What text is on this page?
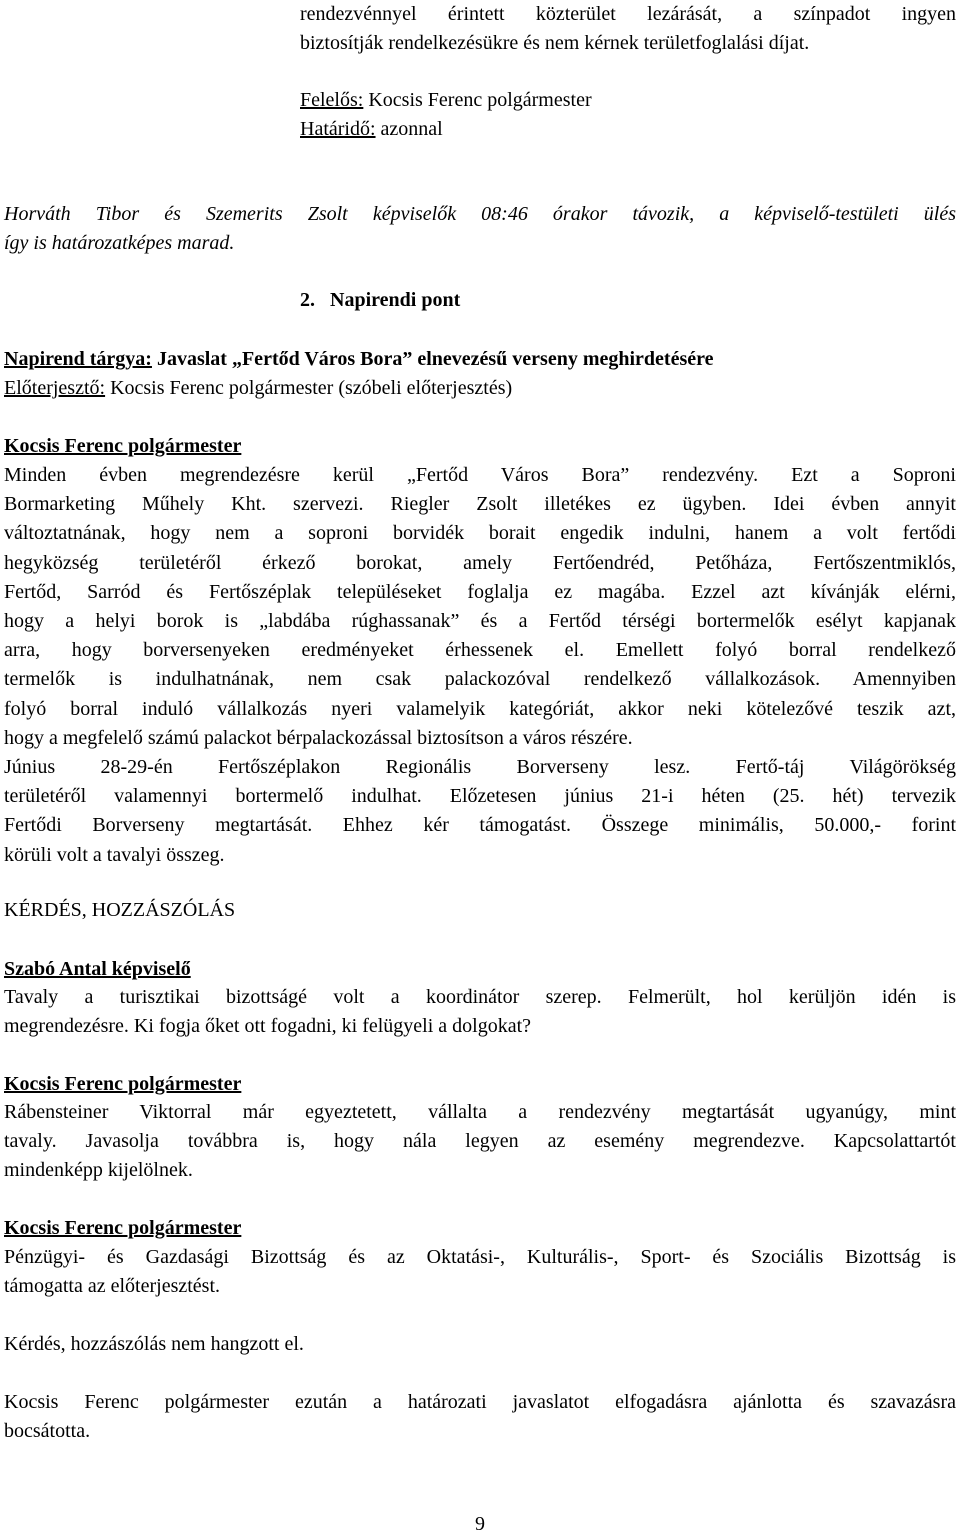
rendezvénnyel érintett közterület lezárását, a színpadot ingyen
biztosítják rendelkezésükre és nem kérnek területfoglalási díjat.
Felelős: Kocsis Ferenc polgármester
Határidő: azonnal
Horváth Tibor és Szemerits Zsolt képviselők 08:46 órakor távozik, a képviselő-testületi ülés
így is határozatképes marad.
2. Napirendi pont
Napirend tárgya: Javaslat „Fertőd Város Bora” elnevezésű verseny meghirdetésére
Előterjesztő: Kocsis Ferenc polgármester (szóbeli előterjesztés)
Kocsis Ferenc polgármester
Minden évben megrendezésre kerül „Fertőd Város Bora” rendezvény. Ezt a Soproni
Bormarketing Műhely Kht. szervezi. Riegler Zsolt illetékes ez ügyben. Idei évben annyit
változtatnának, hogy nem a soproni borvidék borait engedik indulni, hanem a volt fertődi
hegyközség területéről érkező borokat, amely Fertőendréd, Petőháza, Fertőszentmiklós,
Fertőd, Sarród és Fertőszéplak településeket foglalja ez magába. Ezzel azt kívánják elérni,
hogy a helyi borok is „labdába rúghassanak” és a Fertőd térségi bortermelők esélyt kapjanak
arra, hogy borversenyeken eredményeket érhessenek el. Emellett folyó borral rendelkező
termelők is indulhatnának, nem csak palackozóval rendelkező vállalkozások. Amennyiben
folyó borral induló vállalkozás nyeri valamelyik kategóriát, akkor neki kötelezővé teszik azt,
hogy a megfelelő számú palackot bérpalackozással biztosítson a város részére.
Június 28-29-én Fertőszéplakon Regionális Borverseny lesz. Fertő-táj Világörökség
területéről valamennyi bortermelő indulhat. Előzetesen június 21-i héten (25. hét) tervezik
Fertődi Borverseny megtartását. Ehhez kér támogatást. Összege minimális, 50.000,- forint
körüli volt a tavalyi összeg.
KÉRDÉS, HOZZÁSZÓLÁS
Szabó Antal képviselő
Tavaly a turisztikai bizottságé volt a koordinátor szerep. Felmerült, hol kerüljön idén is
megrendezésre. Ki fogja őket ott fogadni, ki felügyeli a dolgokat?
Kocsis Ferenc polgármester
Rábensteiner Viktorral már egyeztetett, vállalta a rendezvény megtartását ugyanúgy, mint
tavaly. Javasolja továbbra is, hogy nála legyen az esemény megrendezve. Kapcsolattartót
mindenképp kijelölnek.
Kocsis Ferenc polgármester
Pénzügyi- és Gazdasági Bizottság és az Oktatási-, Kulturális-, Sport- és Szociális Bizottság is
támogatta az előterjesztést.
Kérdés, hozzászólás nem hangzott el.
Kocsis Ferenc polgármester ezután a határozati javaslatot elfogadásra ajánlotta és szavazásra
bocsátotta.
9
